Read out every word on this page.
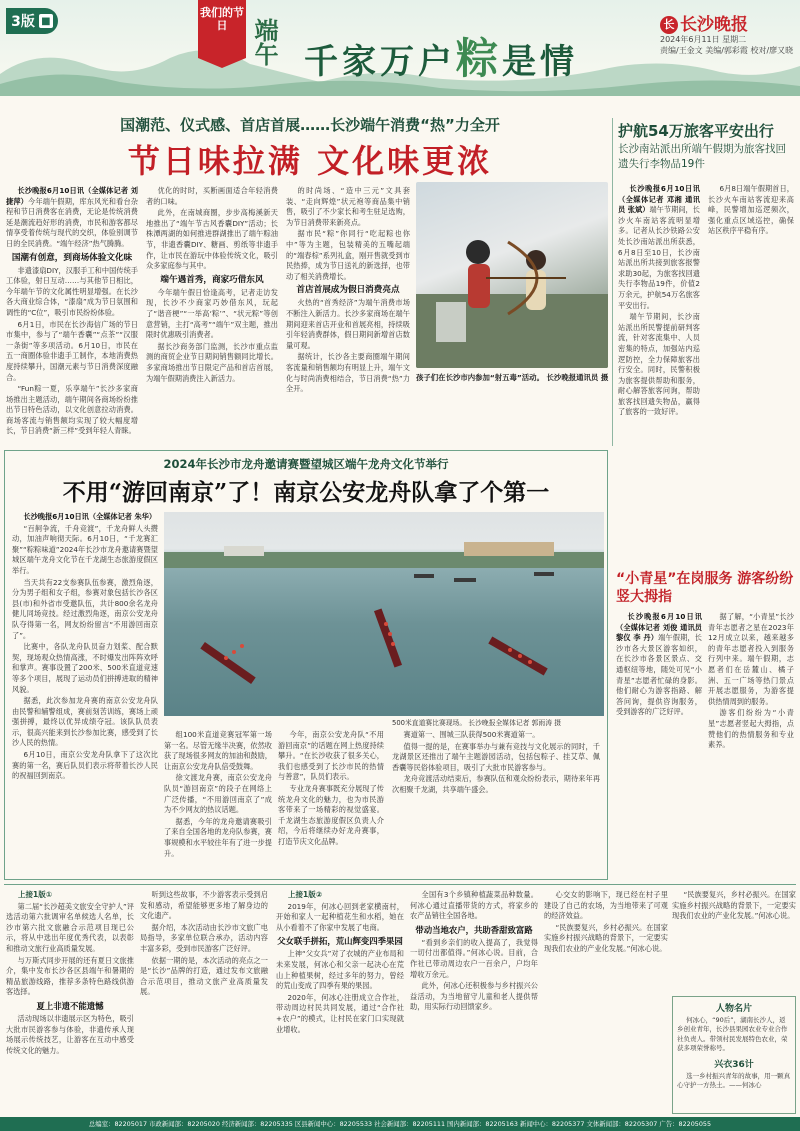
3版 ■
我们的节日 端午 千家万户粽是情
长 长沙晚报
2024年6月11日 星期二
责编/王金文 美编/郭彩霞 校对/廖又晓
国潮范、仪式感、首店首展……长沙端午消费“热”力全开
节日味拉满 文化味更浓

长沙晚报6月10日讯（全媒体记者 刘捷萍）今年端午假期，库东风光和看台杂程和节日消费客在消费，无论是传统消费延是潮流趋好形的消费，市民和游客都尽情享受着传统与现代的交织，体验别调节日的全民消费。“端午经济”热气腾腾。

国潮有创意，到商场体验文化味

非遗漆扇DIY，汉服手工和中国传统手工体验，射日互动……与其他节日相比，今年端午节的文化属性明显增强。在长沙各大商业综合体，“漆扇”成为节日氛围和调性的“C位”，吸引市民纷纷体验。

6月1日，市民在长沙海信广场的节日市集中，参与了“端午香囊”“点茶”“汉服一条街”等多项活动。6月10日，市民在五一商圈体验非遗手工制作，本地消费热度持续攀升，国潮元素与节日消费深度融合。

“Fun粽一夏，乐享端午”长沙多家商场推出主题活动，端午期间各商场纷纷推出节日特色活动，以文化创意拉动消费。商场客流与销售额均实现了较大幅度增长，节日消费“新三样”受到年轻人青睐。

优化的时时，买断画面适合年轻消费者的口味。

此外，在南城商圈，步步高梅溪新天地推出了“端午节古风香囊DIY”活动；长株潭两湖的如何推进群湖推出了端午粽油节，非遗香囊DIY、糖画、剪纸等非遗手作，让市民在游玩中体验传统文化，吸引众多家庭参与其中。

端午遇首秀，商家巧借东风

今年端午假日恰逢高考，记者走访发现，长沙不少商家巧妙借东风，玩起了“谐音梗”“一举高‘粽’”、“状元粽”等创意营销，主打“高考”“端午”双主题，推出限时优惠吸引消费者。

据长沙商务部门监测，长沙市重点监测的商贸企业节日期间销售额同比增长。多家商场推出节日限定产品和首店首展，为端午假期消费注入新活力。

的时尚场、“造中三元”文具套装、“走向辉煌”状元袍等商品集中销售，吸引了不少家长和考生驻足选购，为节日消费带来新亮点。

据市民“粽”你同行“吃起粽也你中”等为主题，包装精美的五嘴起端的“端春棕”系列礼盒，刚开售就受到市民热捧，成为节日送礼的新选择，也带动了相关消费增长。

首店首展成为假日消费亮点

火热的“首秀经济”为端午消费市场不断注入新活力。长沙多家商场在端午期间迎来首店开业和首展亮相，持续吸引年轻消费群体，假日期间新增首店数量可观。

据统计，长沙各主要商圈端午期间客流量和销售额均有明显上升，端午文化与时尚消费相结合，节日消费“热”力全开。

孩子们在长沙市内参加“射五毒”活动。 长沙晚报通讯员 摄
护航54万旅客平安出行
长沙南站派出所端午假期为旅客找回遗失行李物品19件

长沙晚报6月10日讯（全媒体记者 邓湘 通讯员 张斌）端午节期间，长沙火车南站客流明显增多。记者从长沙铁路公安处长沙南站派出所获悉，6月8日至10日，长沙南站派出所共接到旅客报警求助30起，为旅客找回遗失行李物品19件，价值2万余元，护航54万名旅客平安出行。

端午节期间，长沙南站派出所民警提前研判客流，针对客流集中、人员密集的特点，加强站内巡逻防控，全力保障旅客出行安全。同时，民警积极为旅客提供帮助和服务，耐心解答旅客问询，帮助旅客找回遗失物品，赢得了旅客的一致好评。

6月8日端午假期首日，长沙火车南站客流迎来高峰，民警增加巡逻频次，强化重点区域巡控，确保站区秩序平稳有序。

2024年长沙市龙舟邀请赛暨望城区端午龙舟文化节举行
不用“游回南京”了！南京公安龙舟队拿了个第一

长沙晚报6月10日讯（全媒体记者 朱华）

“百舸争流，千舟竞渡”，千龙舟鲜人头攒动，加油声响彻天际。6月10日，“千龙赛汇聚”“粽粽味道”2024年长沙市龙舟邀请赛暨望城区端午龙舟文化节在千龙湖生态旅游度假区举行。

当天共有22支参赛队伍参赛，激烈角逐，分为男子组和女子组，参赛对象包括长沙各区县(市)和外省市受邀队伍，共计800余名龙舟健儿同场竞技。经过激烈角逐，南京公安龙舟队夺得第一名，网友纷纷留言“不用游回南京了”。

比赛中，各队龙舟队员奋力划桨、配合默契，现场观众热情高涨，不时爆发出阵阵欢呼和掌声。赛事设置了200米、500米直道竞速等多个项目，展现了运动员们拼搏进取的精神风貌。

据悉，此次参加龙舟赛的南京公安龙舟队由民警和辅警组成，赛前刻苦训练，赛场上顽强拼搏，最终以优异成绩夺冠。该队队员表示，很高兴能来到长沙参加比赛，感受到了长沙人民的热情。

6月10日，南京公安龙舟队拿下了这次比赛的第一名，赛后队员们表示将带着长沙人民的祝福回到南京。

500米直道赛比赛现场。 长沙晚报全媒体记者 郭雨涛 摄

组100米直道竞赛冠军第一场第一名。尽管无缘半决赛，依然收获了现场很多网友的加油和鼓励，让南京公安龙舟队倍受鼓舞。

徐文渡龙舟赛，南京公安龙舟队员“游回南京”的段子在网络上广泛传播，“不用游回南京了”成为不少网友的热议话题。

据悉，今年的龙舟邀请赛吸引了来自全国各地的龙舟队参赛，赛事规模和水平较往年有了进一步提升。

今年，南京公安龙舟队“不用游回南京”的话题在网上热度持续攀升。“在长沙收获了很多关心，我们也感受到了长沙市民的热情与善意”，队员们表示。

专业龙舟赛事既充分展现了传统龙舟文化的魅力，也为市民游客带来了一场精彩的视觉盛宴。千龙湖生态旅游度假区负责人介绍，今后将继续办好龙舟赛事，打造节庆文化品牌。

赛道第一、围城三队获得500米赛道第一。

值得一提的是，在赛事举办与兼有竞技与文化展示的同时，千龙湖景区还推出了端午主题游园活动，包括包粽子、挂艾草、佩香囊等民俗体验项目，吸引了大批市民游客参与。

龙舟竞渡活动结束后，参赛队伍和观众纷纷表示，期待来年再次相聚千龙湖，共享端午盛会。

“小青星”在岗服务 游客纷纷竖大拇指

长沙晚报6月10日讯（全媒体记者 刘俊 通讯员 黎仪 李 丹）端午假期，长沙市各大景区游客如织，在长沙市各景区景点、交通枢纽等地，随处可见“小青星”志愿者忙碌的身影。他们耐心为游客指路、解答问询，提供咨询服务，受到游客的广泛好评。

据了解，“小青星”长沙青年志愿者之星在2023年12月成立以来，越来越多的青年志愿者投入到服务行列中来。端午假期，志愿者们在岳麓山、橘子洲、五一广场等热门景点开展志愿服务，为游客提供热情周到的服务。

游客们纷纷为“小青星”志愿者竖起大拇指，点赞他们的热情服务和专业素养。

上接1版①

第二届“长沙超美文旅安全守护人”评选活动第六批调审名单候选人名单，长沙市第六批文旅融合示范项目现已公示，将从中选出年度优秀代表，以表彰和推动文旅行业高质量发展。

与万斯式同步开展的还有夏日文旅推介，集中发布长沙各区县端午和暑期的精品旅游线路，推荐多条特色路线供游客选择。

夏上非遗不能遗憾

活动现场以非遗展示区为特色，吸引大批市民游客参与体验，非遗传承人现场展示传统技艺，让游客在互动中感受传统文化的魅力。

听到这些故事，不少游客表示受到启发和感动，希望能够更多地了解身边的文化遗产。

据介绍，本次活动由长沙市文旅广电局指导，多家单位联合承办，活动内容丰富多彩，受到市民游客广泛好评。

依据一期的是，本次活动的亮点之一是“长沙”品牌的打造，通过发布文旅融合示范项目，推动文旅产业高质量发展。

上接1版②

2019年，何冰心回到老家横南村，开始和家人一起种植花生和水稻，她在从小看着不了你家中发展了电商。

父女联手拼拓，荒山辉变四季果园

上神“父女兵”对了衣城的产业布局和未来发展，何冰心和父亲一起决心在荒山上种植果树，经过多年的努力，曾经的荒山变成了四季有果的果园。

2020年，何冰心注册成立合作社，带动周边村民共同发展，通过“合作社+农户”的模式，让村民在家门口实现就业增收。

全国有3个乡镇种植蔬菜品种数量。何冰心通过直播带货的方式，将家乡的农产品销往全国各地。

带动当地农户，共助香甜致富路

“看到乡亲们的收入提高了，我觉得一切付出都值得。”何冰心说。目前，合作社已带动周边农户一百余户，户均年增收万余元。

此外，何冰心还积极参与乡村振兴公益活动，为当地留守儿童和老人提供帮助，用实际行动回馈家乡。

心交女的影响下，现已经在村子里建设了自己的农场，为当地带来了可观的经济效益。

“民族要复兴，乡村必振兴。在国家实施乡村振兴战略的背景下，一定要实现我们农业的产业化发展。”何冰心说。

“民族要复兴，乡村必振兴。在国家实施乡村振兴战略的背景下，一定要实现我们农业的产业化发展。”何冰心说。

人物名片

何冰心，“90后”，湖南长沙人，返乡创业青年，长沙县果园农业专业合作社负责人。带领村民发展特色农业，荣获多项荣誉称号。

兴衣36计

选一乡村振兴青年的故事，用一颗真心守护一方热土。——何冰心

总编室：82205017 市政新闻部：82205020 经济新闻部：82205335 区县新闻中心：82205533 社会新闻部：82205111 国内新闻部：82205163 新闻中心：82205377 文体新闻部：82205307 广告：82205055
